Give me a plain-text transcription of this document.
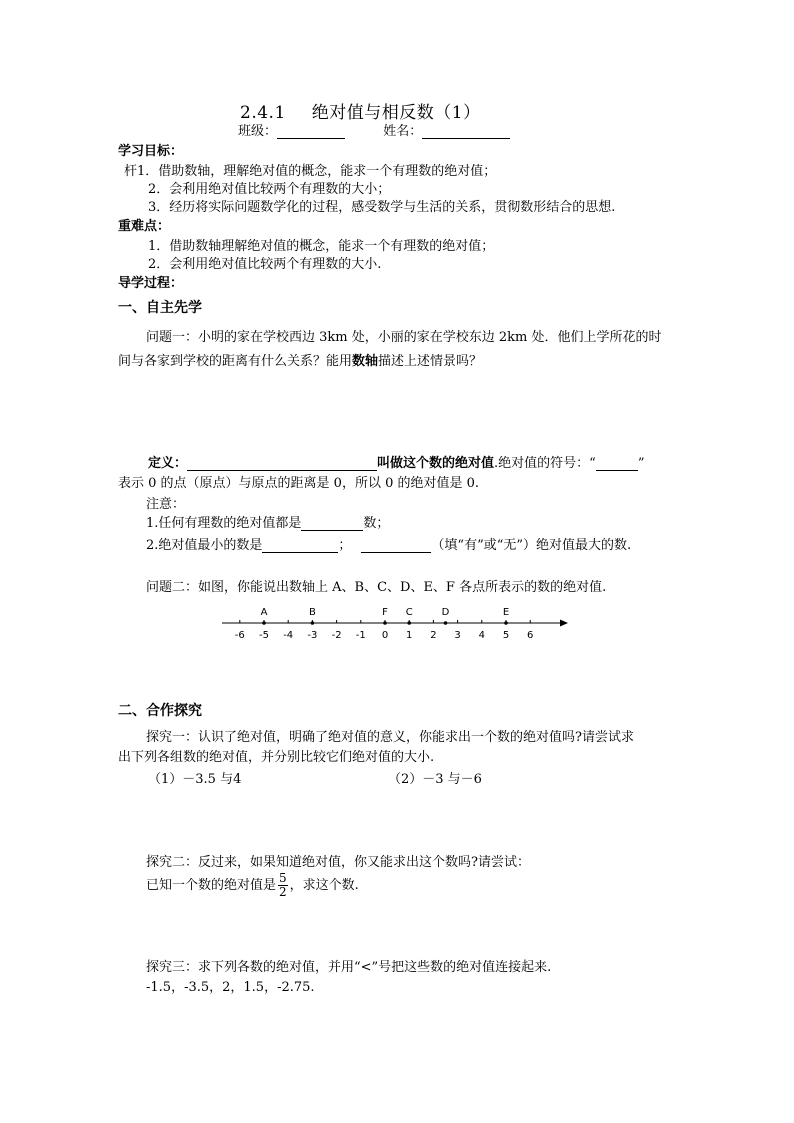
2.4.1 绝对值与相反数（1）
班级：	姓名：
学习目标：
杆1．借助数轴，理解绝对值的概念，能求一个有理数的绝对值；
2．会利用绝对值比较两个有理数的大小；
3．经历将实际问题数学化的过程，感受数学与生活的关系，贯彻数形结合的思想.
重难点：
1．借助数轴理解绝对值的概念，能求一个有理数的绝对值；
2．会利用绝对值比较两个有理数的大小.
导学过程：
一、自主先学
问题一：小明的家在学校西边 3km 处，小丽的家在学校东边 2km 处．他们上学所花的时
间与各家到学校的距离有什么关系？能用数轴描述上述情景吗？
定义：	叫做这个数的绝对值.绝对值的符号：“	”
表示 0 的点（原点）与原点的距离是 0，所以 0 的绝对值是 0.
注意：
1.任何有理数的绝对值都是	数；
2.绝对值最小的数是	；	（填“有”或“无”）绝对值最大的数.
问题二：如图，你能说出数轴上 A、B、C、D、E、F 各点所表示的数的绝对值.
-6 -5 -4 -3 -2 -1 0 1 2 3 4 5 6
A	B	F C	D	E
二、合作探究
探究一：认识了绝对值，明确了绝对值的意义，你能求出一个数的绝对值吗?请尝试求
出下列各组数的绝对值，并分别比较它们绝对值的大小.
（1）－3.5 与4	（2）－3 与－6
探究二：反过来，如果知道绝对值，你又能求出这个数吗?请尝试：
已知一个数的绝对值是 $\frac{5}{2}$ ，求这个数.
探究三：求下列各数的绝对值，并用“<”号把这些数的绝对值连接起来.
-1.5，-3.5，2，1.5，-2.75.
